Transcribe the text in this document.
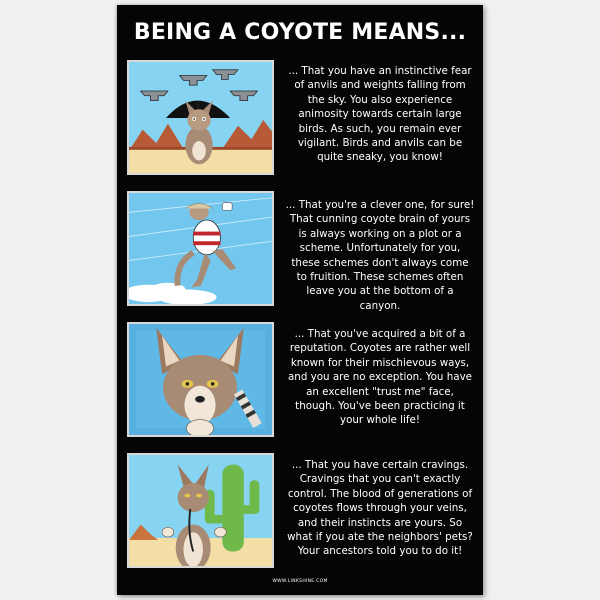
BEING A COYOTE MEANS...
... That you have an instinctive fear of anvils and weights falling from the sky. You also experience animosity towards certain large birds. As such, you remain ever vigilant. Birds and anvils can be quite sneaky, you know!
... That you're a clever one, for sure! That cunning coyote brain of yours is always working on a plot or a scheme. Unfortunately for you, these schemes don't always come to fruition. These schemes often leave you at the bottom of a canyon.
... That you've acquired a bit of a reputation. Coyotes are rather well known for their mischievous ways, and you are no exception. You have an excellent "trust me" face, though. You've been practicing it your whole life!
... That you have certain cravings. Cravings that you can't exactly control. The blood of generations of coyotes flows through your veins, and their instincts are yours. So what if you ate the neighbors' pets? Your ancestors told you to do it!
WWW.LINKSHINE.COM
